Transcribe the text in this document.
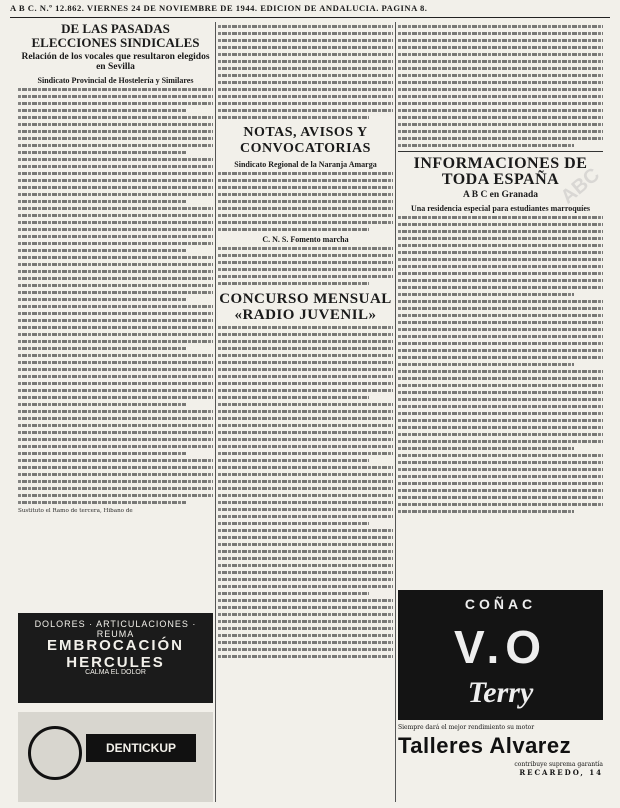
A B C. N.º 12.862. VIERNES 24 DE NOVIEMBRE DE 1944. EDICION DE ANDALUCIA. PAGINA 8.
DE LAS PASADAS ELECCIONES SINDICALES
Relación de los vocales que resultaron elegidos en Sevilla
Sindicato Provincial de Hostelería y Similares

Sustituto el Ramo de tercera, Hibano de

NOTAS, AVISOS Y CONVOCATORIAS
Sindicato Regional de la Naranja Amarga
C. N. S. Fomento marcha
CONCURSO MENSUAL «RADIO JUVENIL»
INFORMACIONES DE TODA ESPAÑA
A B C en Granada
Una residencia especial para estudiantes marroquíes
ABC
DOLORES · ARTICULACIONES · REUMA
EMBROCACIÓN HERCULES
CALMA EL DOLOR
DENTICKUP
COÑAC
V.O
Terry
Siempre dará el mejor rendimiento su motor
Talleres Alvarez
contribuye suprema garantía
RECAREDO, 14
